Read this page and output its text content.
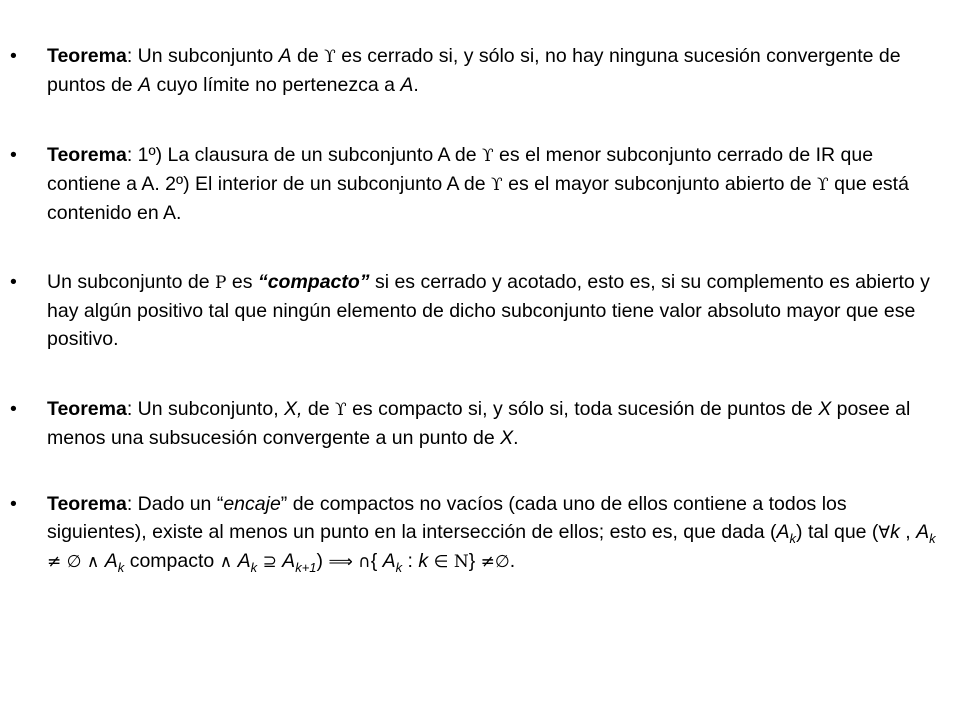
• Teorema: Un subconjunto A de ϒ es cerrado si, y sólo si, no hay ninguna sucesión convergente de puntos de A cuyo límite no pertenezca a A.

• Teorema: 1º) La clausura de un subconjunto A de ϒ es el menor subconjunto cerrado de IR que contiene a A. 2º) El interior de un subconjunto A de ϒ es el mayor subconjunto abierto de ϒ que está contenido en A.

• Un subconjunto de P es “compacto” si es cerrado y acotado, esto es, si su complemento es abierto y hay algún positivo tal que ningún elemento de dicho subconjunto tiene valor absoluto mayor que ese positivo.

• Teorema: Un subconjunto, X, de ϒ es compacto si, y sólo si, toda sucesión de puntos de X posee al menos una subsucesión convergente a un punto de X.

• Teorema: Dado un “encaje” de compactos no vacíos (cada uno de ellos contiene a todos los siguientes), existe al menos un punto en la intersección de ellos; esto es, que dada $(A_k)$ tal que (∀k , $A_k$ ≠ ∅ ∧ $A_k$ compacto ∧ $A_k$ ⊇ $A_{k+1}$) ⟹ ∩{ $A_k$ : k ∈ N} ≠∅.
